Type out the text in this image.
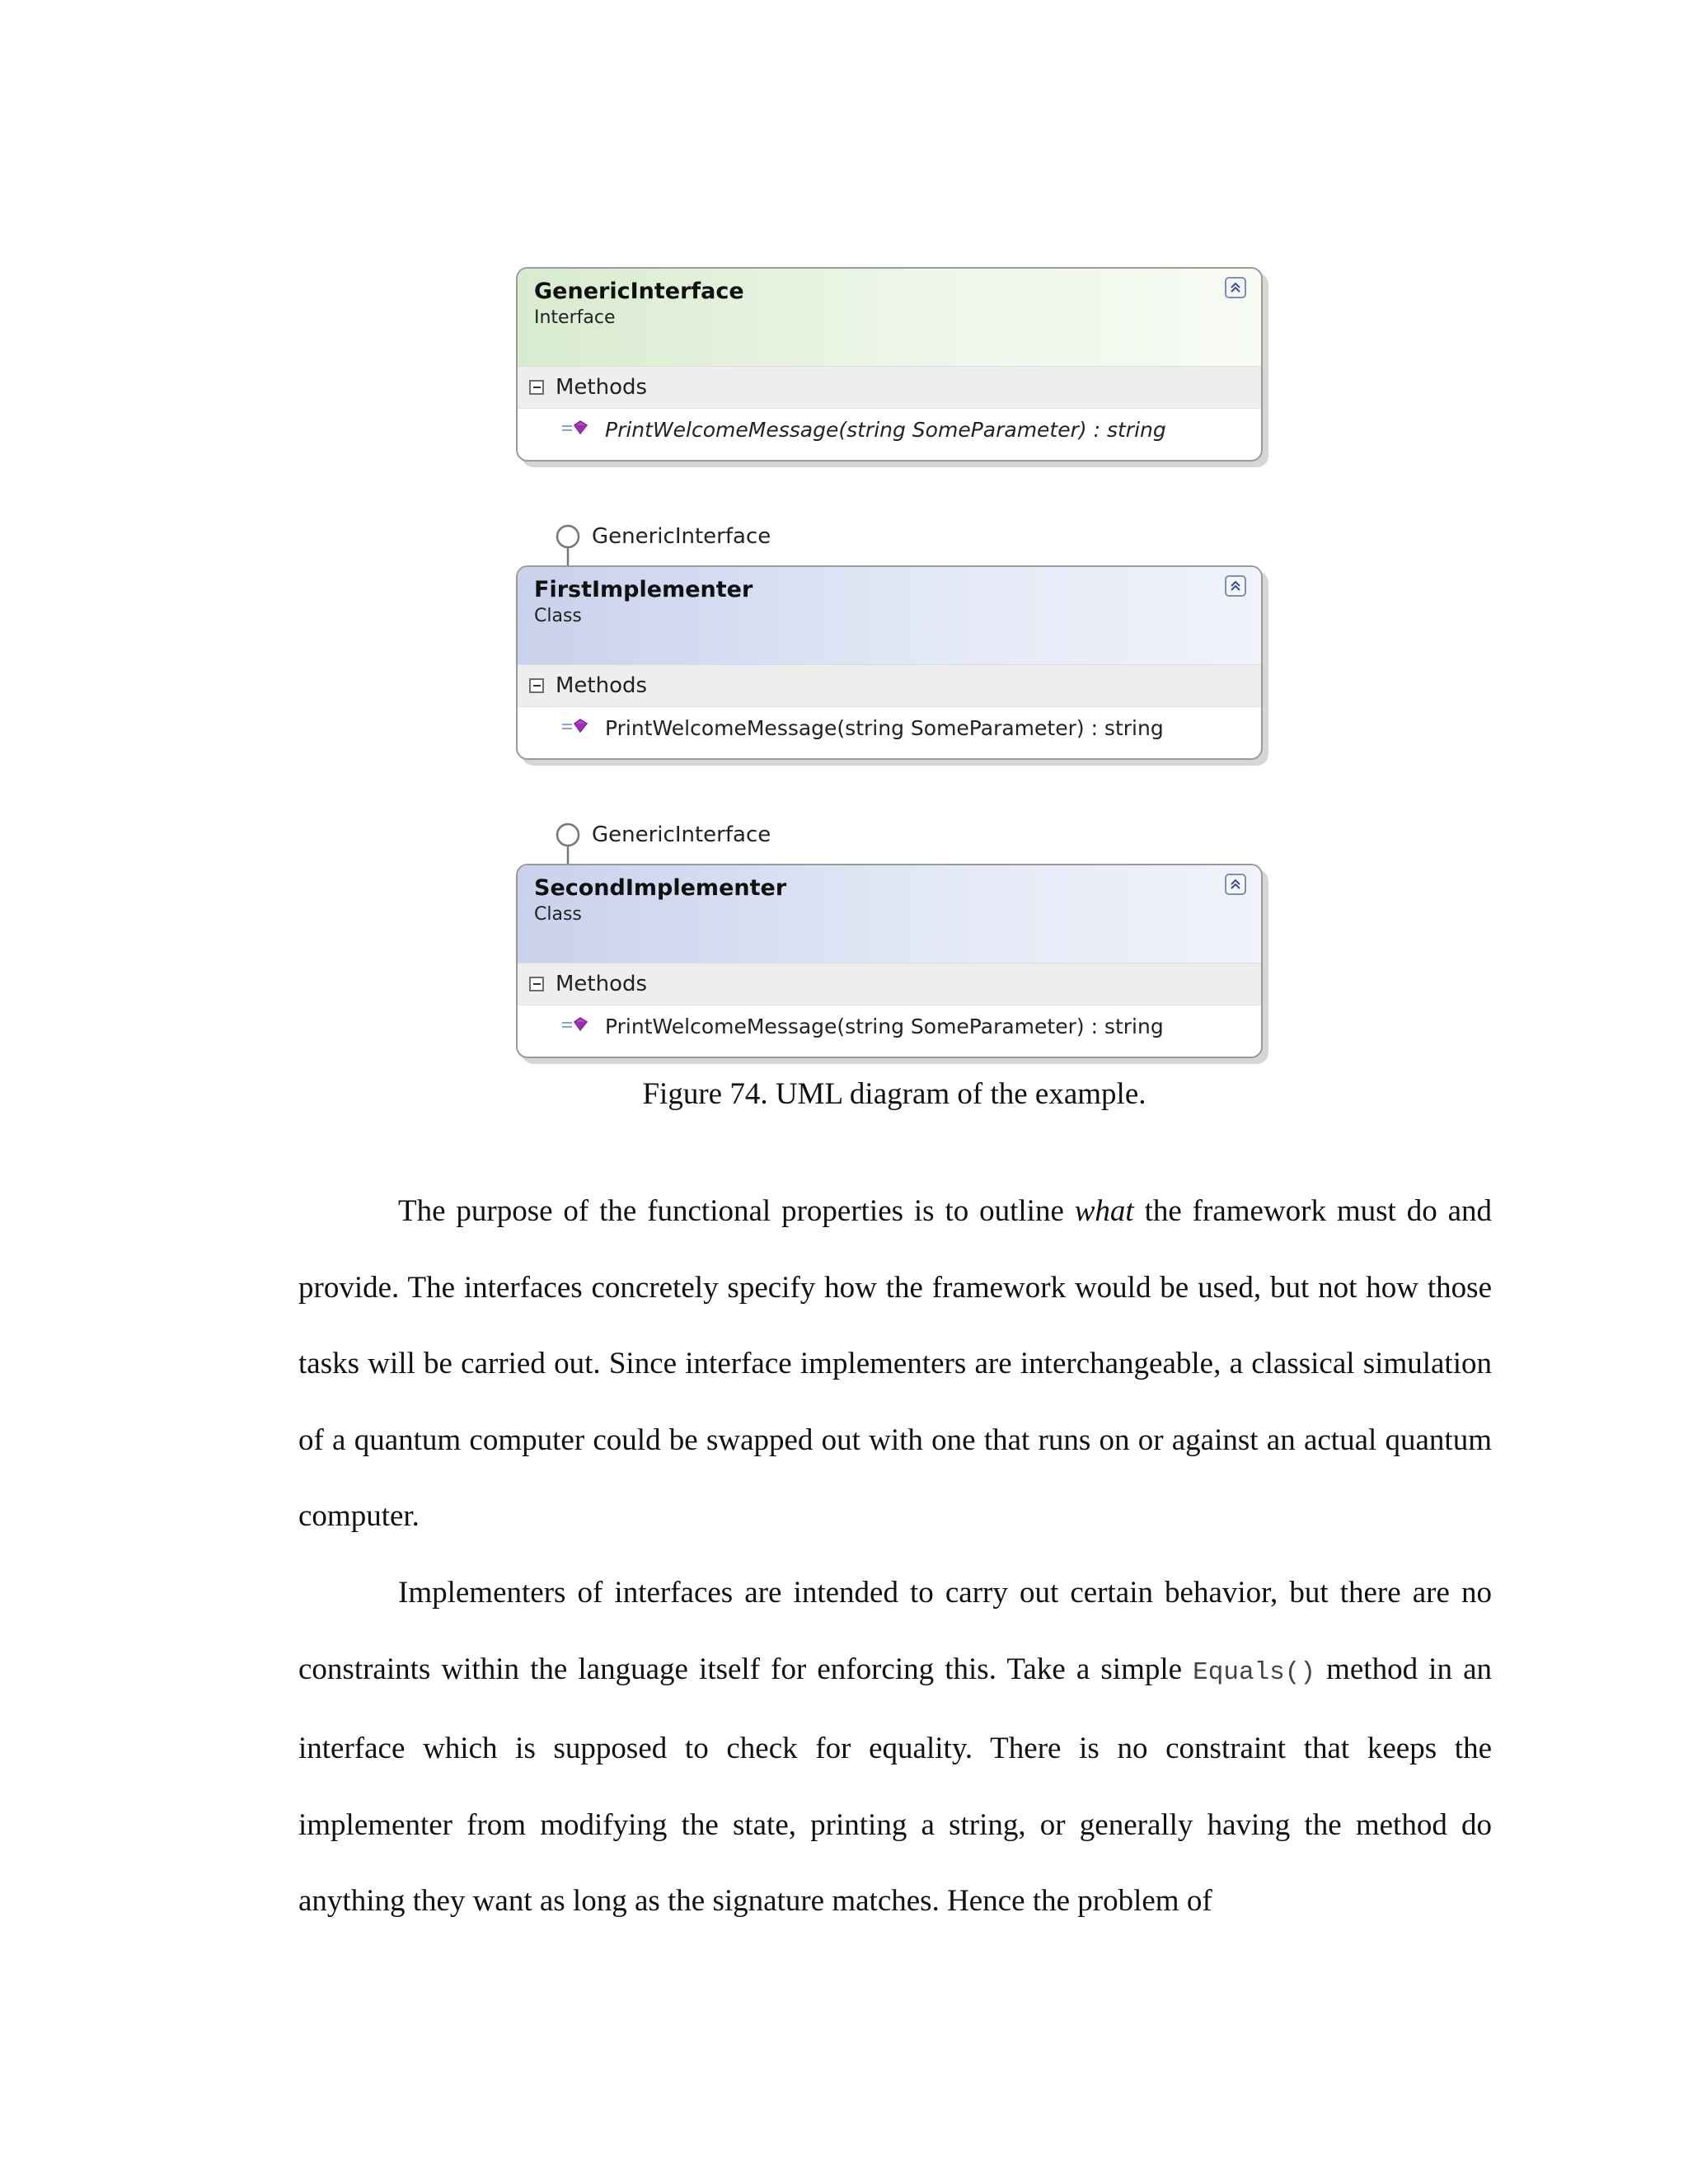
GenericInterface
Interface
Methods
PrintWelcomeMessage(string SomeParameter) : string
GenericInterface
FirstImplementer
Class
Methods
PrintWelcomeMessage(string SomeParameter) : string
GenericInterface
SecondImplementer
Class
Methods
PrintWelcomeMessage(string SomeParameter) : string
Figure 74. UML diagram of the example.

The purpose of the functional properties is to outline what the framework must do and provide. The interfaces concretely specify how the framework would be used, but not how those tasks will be carried out. Since interface implementers are interchangeable, a classical simulation of a quantum computer could be swapped out with one that runs on or against an actual quantum computer.

Implementers of interfaces are intended to carry out certain behavior, but there are no constraints within the language itself for enforcing this. Take a simple Equals() method in an interface which is supposed to check for equality. There is no constraint that keeps the implementer from modifying the state, printing a string, or generally having the method do anything they want as long as the signature matches. Hence the problem of
